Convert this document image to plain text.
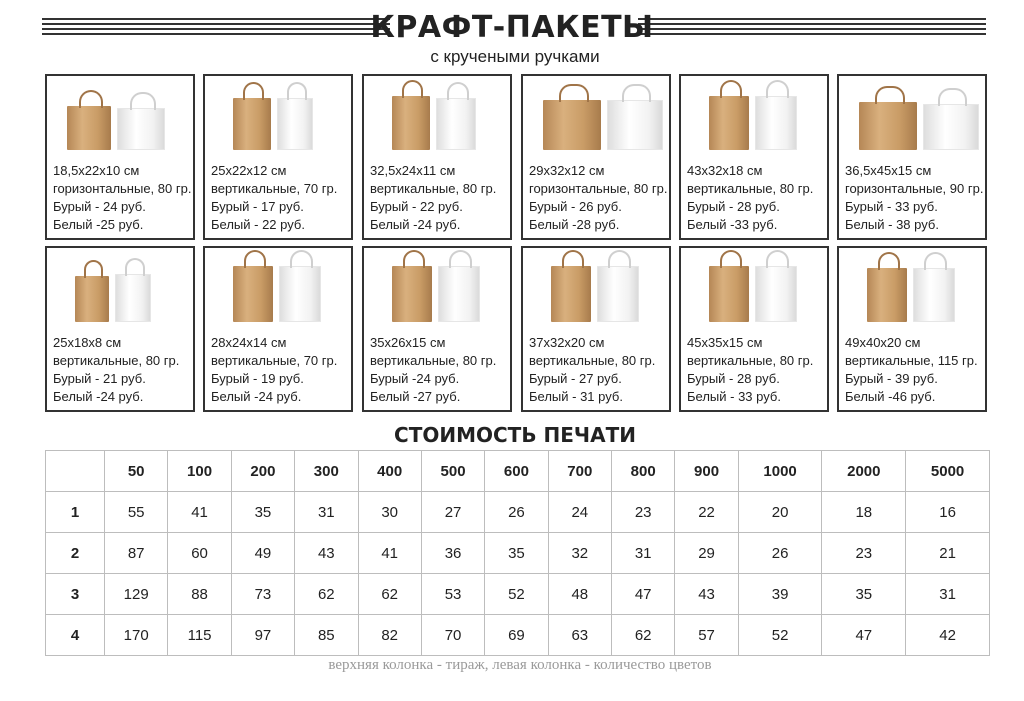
КРАФТ-ПАКЕТЫ
с кручеными ручками
18,5x22x10 см
горизонтальные, 80 гр.
Бурый - 24 руб.
Белый -25 руб.
25x22x12 см
вертикальные, 70 гр.
Бурый - 17 руб.
Белый - 22 руб.
32,5x24x11 см
вертикальные, 80 гр.
Бурый - 22 руб.
Белый -24 руб.
29x32x12 см
горизонтальные, 80 гр.
Бурый - 26 руб.
Белый -28 руб.
43x32x18 см
вертикальные, 80 гр.
Бурый - 28 руб.
Белый -33 руб.
36,5x45x15 см
горизонтальные, 90 гр.
Бурый - 33 руб.
Белый - 38 руб.
25x18x8 см
вертикальные, 80 гр.
Бурый - 21 руб.
Белый -24 руб.
28x24x14 см
вертикальные, 70 гр.
Бурый - 19 руб.
Белый -24 руб.
35x26x15 см
вертикальные, 80 гр.
Бурый -24 руб.
Белый -27 руб.
37x32x20 см
вертикальные, 80 гр.
Бурый - 27 руб.
Белый - 31 руб.
45x35x15 см
вертикальные, 80 гр.
Бурый - 28 руб.
Белый - 33 руб.
49x40x20 см
вертикальные, 115 гр.
Бурый - 39 руб.
Белый -46 руб.
СТОИМОСТЬ ПЕЧАТИ
	50	100	200	300	400	500	600	700	800	900	1000	2000	5000
1	55	41	35	31	30	27	26	24	23	22	20	18	16
2	87	60	49	43	41	36	35	32	31	29	26	23	21
3	129	88	73	62	62	53	52	48	47	43	39	35	31
4	170	115	97	85	82	70	69	63	62	57	52	47	42
верхняя колонка - тираж, левая колонка - количество цветов
